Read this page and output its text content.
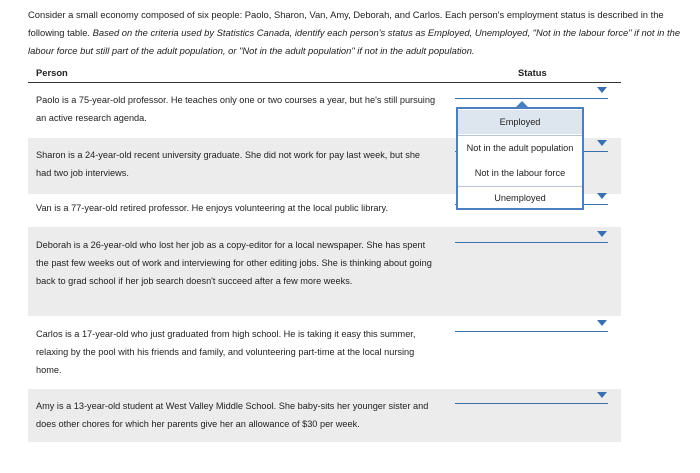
Consider a small economy composed of six people: Paolo, Sharon, Van, Amy, Deborah, and Carlos. Each person's employment status is described in the following table. Based on the criteria used by Statistics Canada, identify each person's status as Employed, Unemployed, "Not in the labour force" if not in the labour force but still part of the adult population, or "Not in the adult population" if not in the adult population.
Person	Status
Paolo is a 75-year-old professor. He teaches only one or two courses a year, but he's still pursuing an active research agenda.
Sharon is a 24-year-old recent university graduate. She did not work for pay last week, but she had two job interviews.
Van is a 77-year-old retired professor. He enjoys volunteering at the local public library.
Deborah is a 26-year-old who lost her job as a copy-editor for a local newspaper. She has spent the past few weeks out of work and interviewing for other editing jobs. She is thinking about going back to grad school if her job search doesn't succeed after a few more weeks.
Carlos is a 17-year-old who just graduated from high school. He is taking it easy this summer, relaxing by the pool with his friends and family, and volunteering part-time at the local nursing home.
Amy is a 13-year-old student at West Valley Middle School. She baby-sits her younger sister and does other chores for which her parents give her an allowance of $30 per week.
Employed
Not in the adult population
Not in the labour force
Unemployed
